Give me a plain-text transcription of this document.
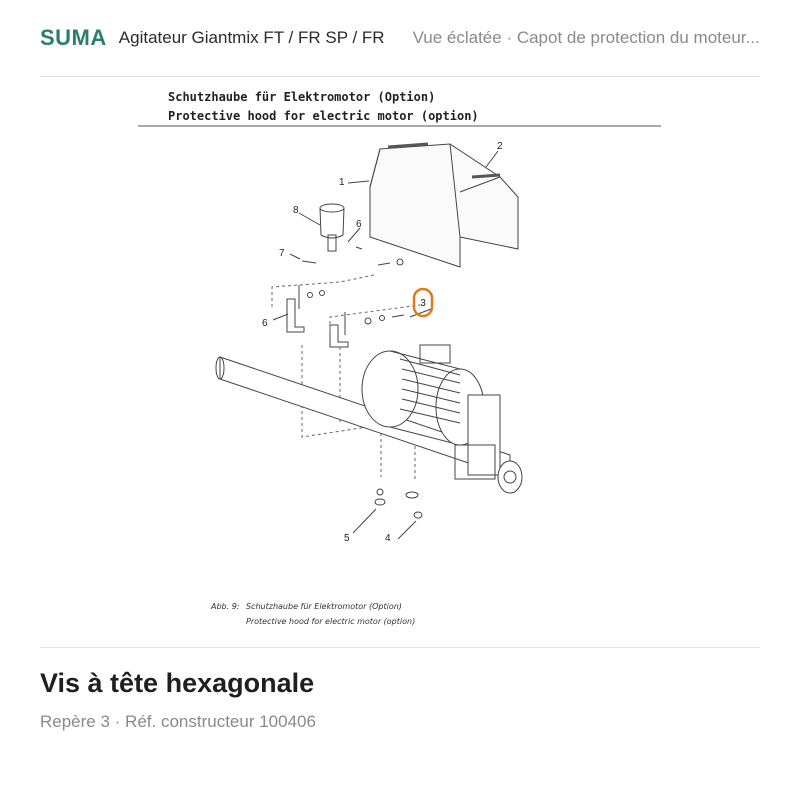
SUMA Agitateur Giantmix FT / FR SP / FR Vue éclatée · Capot de protection du moteur...
Schutzhaube für Elektromotor (Option)
Protective hood for electric motor (option)
1
2
4
5
6
6
7
8
3
Abb. 9: Schutzhaube für Elektromotor (Option)
Protective hood for electric motor (option)
Vis à tête hexagonale
Repère 3 · Réf. constructeur 100406
